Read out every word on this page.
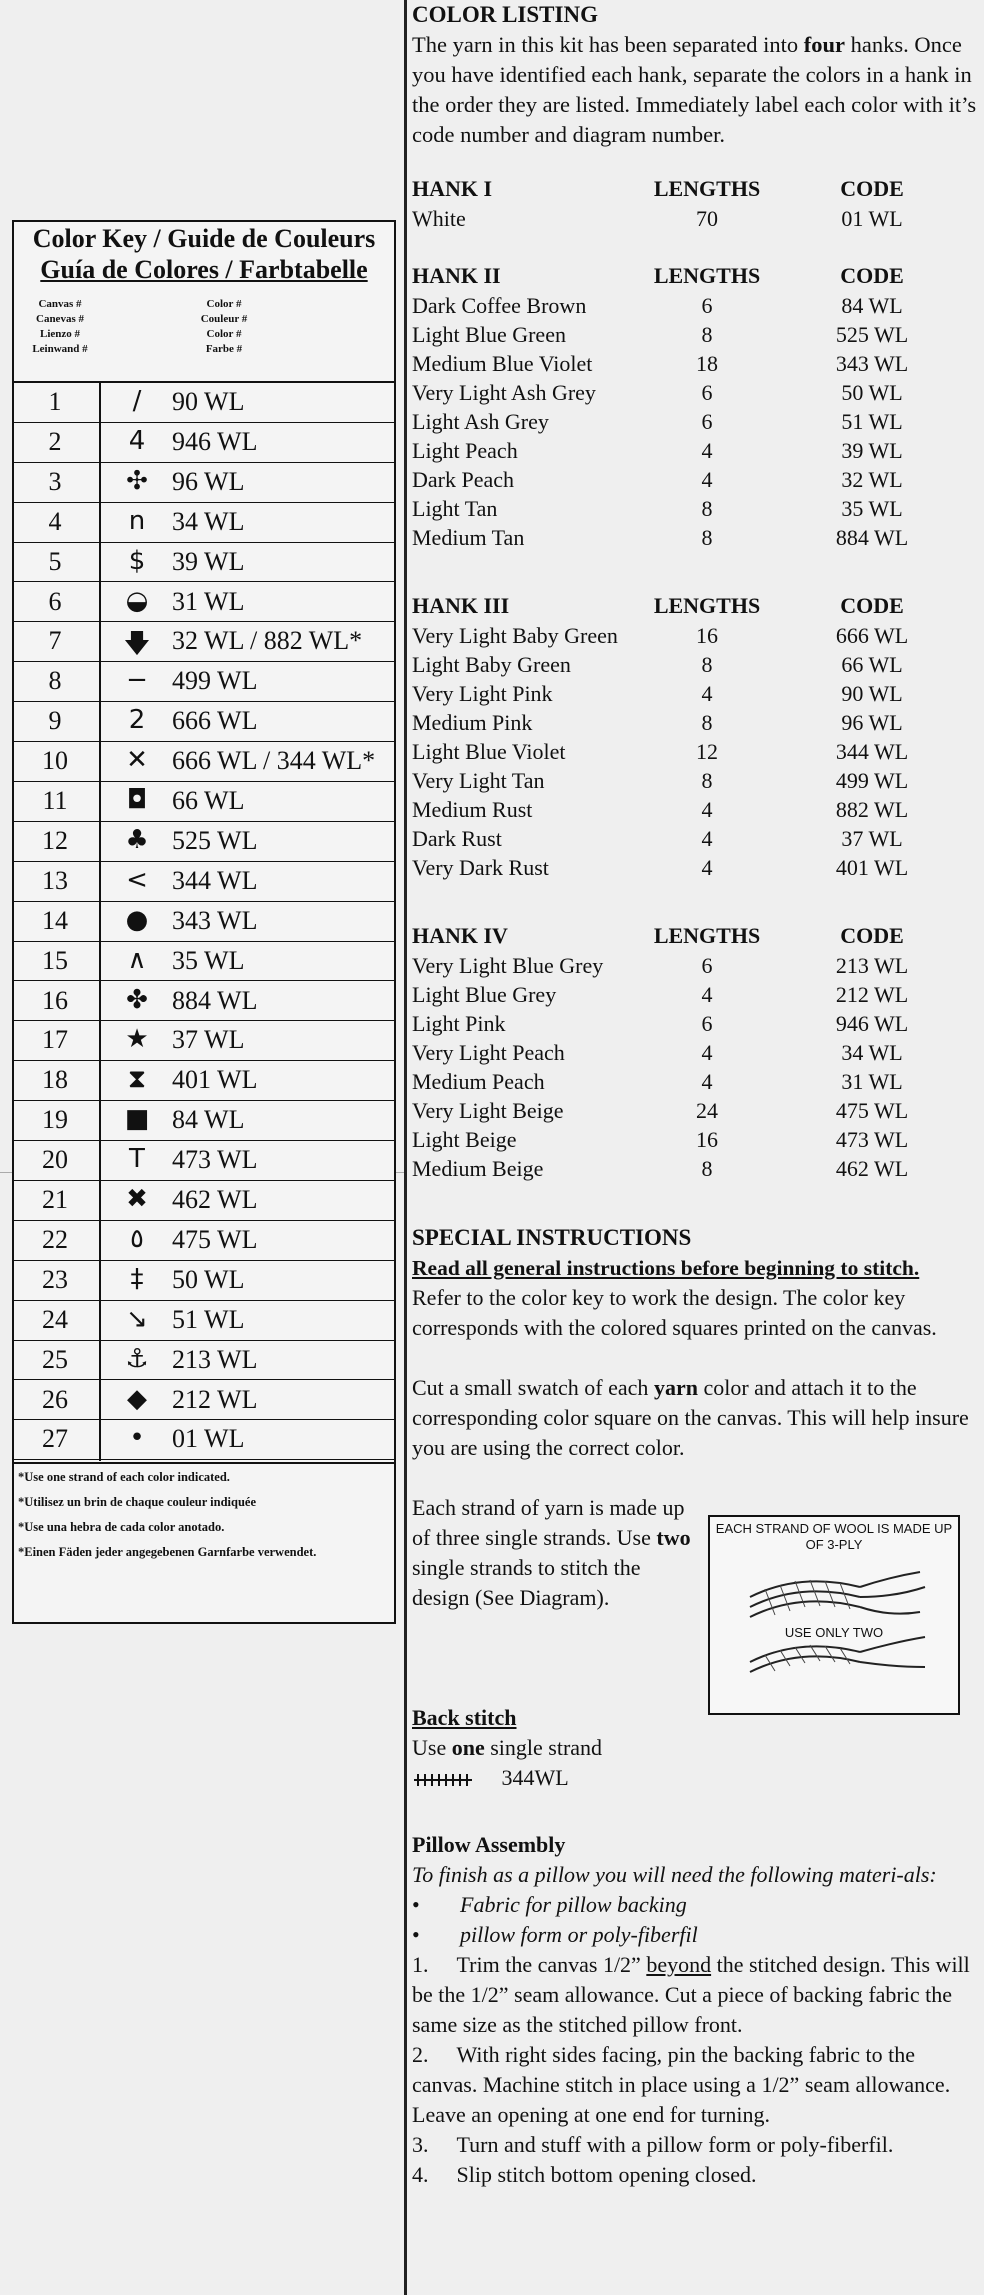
Color Key / Guide de Couleurs
Guía de Colores / Farbtabelle
Canvas #
Canevas #
Lienzo #
Leinwand #
Color #
Couleur #
Color #
Farbe #
1	∕	90 WL
2	4	946 WL
3	✣ 96 WL
4	n	34 WL
5	$	39 WL
6	◒ 31 WL
7	🡇 32 WL / 882 WL*
8	− 499 WL
9	2	666 WL
10	✕ 666 WL / 344 WL*
11	◘ 66 WL
12	♣ 525 WL
13	< 344 WL
14	● 343 WL
15	∧ 35 WL
16	✤ 884 WL
17	★ 37 WL
18	⧗ 401 WL
19	■ 84 WL
20	T	473 WL
21	✖ 462 WL
22	٥	475 WL
23	‡	50 WL
24	↘ 51 WL
25	⚓ 213 WL
26	◆ 212 WL
27	•	01 WL
*Use one strand of each color indicated.
*Utilisez un brin de chaque couleur indiquée
*Use una hebra de cada color anotado.
*Einen Fäden jeder angegebenen Garnfarbe verwendet.
COLOR LISTING
The yarn in this kit has been separated into four hanks. Once you have identified each hank, separate the colors in a hank in the order they are listed. Immediately label each color with it’s code number and diagram number.
HANK I	LENGTHS	CODE
White	70	01 WL
HANK II	LENGTHS	CODE
Dark Coffee Brown	6	84 WL
Light Blue Green	8	525 WL
Medium Blue Violet	18	343 WL
Very Light Ash Grey	6	50 WL
Light Ash Grey	6	51 WL
Light Peach	4	39 WL
Dark Peach	4	32 WL
Light Tan	8	35 WL
Medium Tan	8	884 WL
HANK III	LENGTHS	CODE
Very Light Baby Green	16	666 WL
Light Baby Green	8	66 WL
Very Light Pink	4	90 WL
Medium Pink	8	96 WL
Light Blue Violet	12	344 WL
Very Light Tan	8	499 WL
Medium Rust	4	882 WL
Dark Rust	4	37 WL
Very Dark Rust	4	401 WL
HANK IV	LENGTHS	CODE
Very Light Blue Grey	6	213 WL
Light Blue Grey	4	212 WL
Light Pink	6	946 WL
Very Light Peach	4	34 WL
Medium Peach	4	31 WL
Very Light Beige	24	475 WL
Light Beige	16	473 WL
Medium Beige	8	462 WL
SPECIAL INSTRUCTIONS
Read all general instructions before beginning to stitch.
Refer to the color key to work the design. The color key corresponds with the colored squares printed on the canvas.
Cut a small swatch of each yarn color and attach it to the corresponding color square on the canvas. This will help insure you are using the correct color.
Each strand of yarn is made up of three single strands. Use two single strands to stitch the design (See Diagram).
EACH STRAND OF WOOL IS MADE UP OF 3-PLY
USE ONLY TWO
Back stitch
Use one single strand
344WL
Pillow Assembly
To finish as a pillow you will need the following materi-als:
• Fabric for pillow backing
• pillow form or poly-fiberfil
1. Trim the canvas 1/2” beyond the stitched design. This will be the 1/2” seam allowance. Cut a piece of backing fabric the same size as the stitched pillow front.
2. With right sides facing, pin the backing fabric to the canvas. Machine stitch in place using a 1/2” seam allowance. Leave an opening at one end for turning.
3. Turn and stuff with a pillow form or poly-fiberfil.
4. Slip stitch bottom opening closed.
